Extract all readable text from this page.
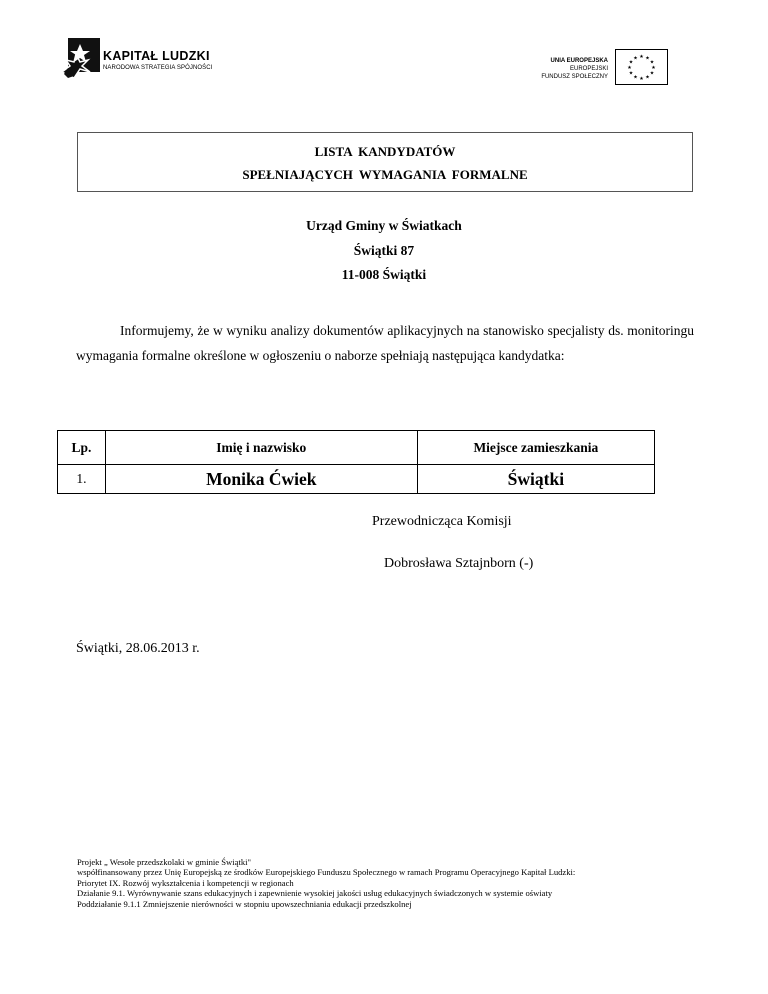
KAPITAŁ LUDZKI
NARODOWA STRATEGIA SPÓJNOŚCI
UNIA EUROPEJSKA
EUROPEJSKI
FUNDUSZ SPOŁECZNY
★ ★
★
★
★
★
★
★
★
★
★
★
LISTA KANDYDATÓW
SPEŁNIAJĄCYCH WYMAGANIA FORMALNE
Urząd Gminy w Światkach
Świątki 87
11-008 Świątki

Informujemy, że w wyniku analizy dokumentów aplikacyjnych na stanowisko specjalisty ds. monitoringu wymagania formalne określone w ogłoszeniu o naborze spełniają następująca kandydatka:

Lp.	Imię i nazwisko	Miejsce zamieszkania
1.	Monika Ćwiek	Świątki
Przewodnicząca Komisji
Dobrosława Sztajnborn (-)
Świątki, 28.06.2013 r.
Projekt „ Wesołe przedszkolaki w gminie Świątki"
współfinansowany przez Unię Europejską ze środków Europejskiego Funduszu Społecznego w ramach Programu Operacyjnego Kapitał Ludzki:
Priorytet IX. Rozwój wykształcenia i kompetencji w regionach
Działanie 9.1. Wyrównywanie szans edukacyjnych i zapewnienie wysokiej jakości usług edukacyjnych świadczonych w systemie oświaty
Poddziałanie 9.1.1 Zmniejszenie nierówności w stopniu upowszechniania edukacji przedszkolnej
